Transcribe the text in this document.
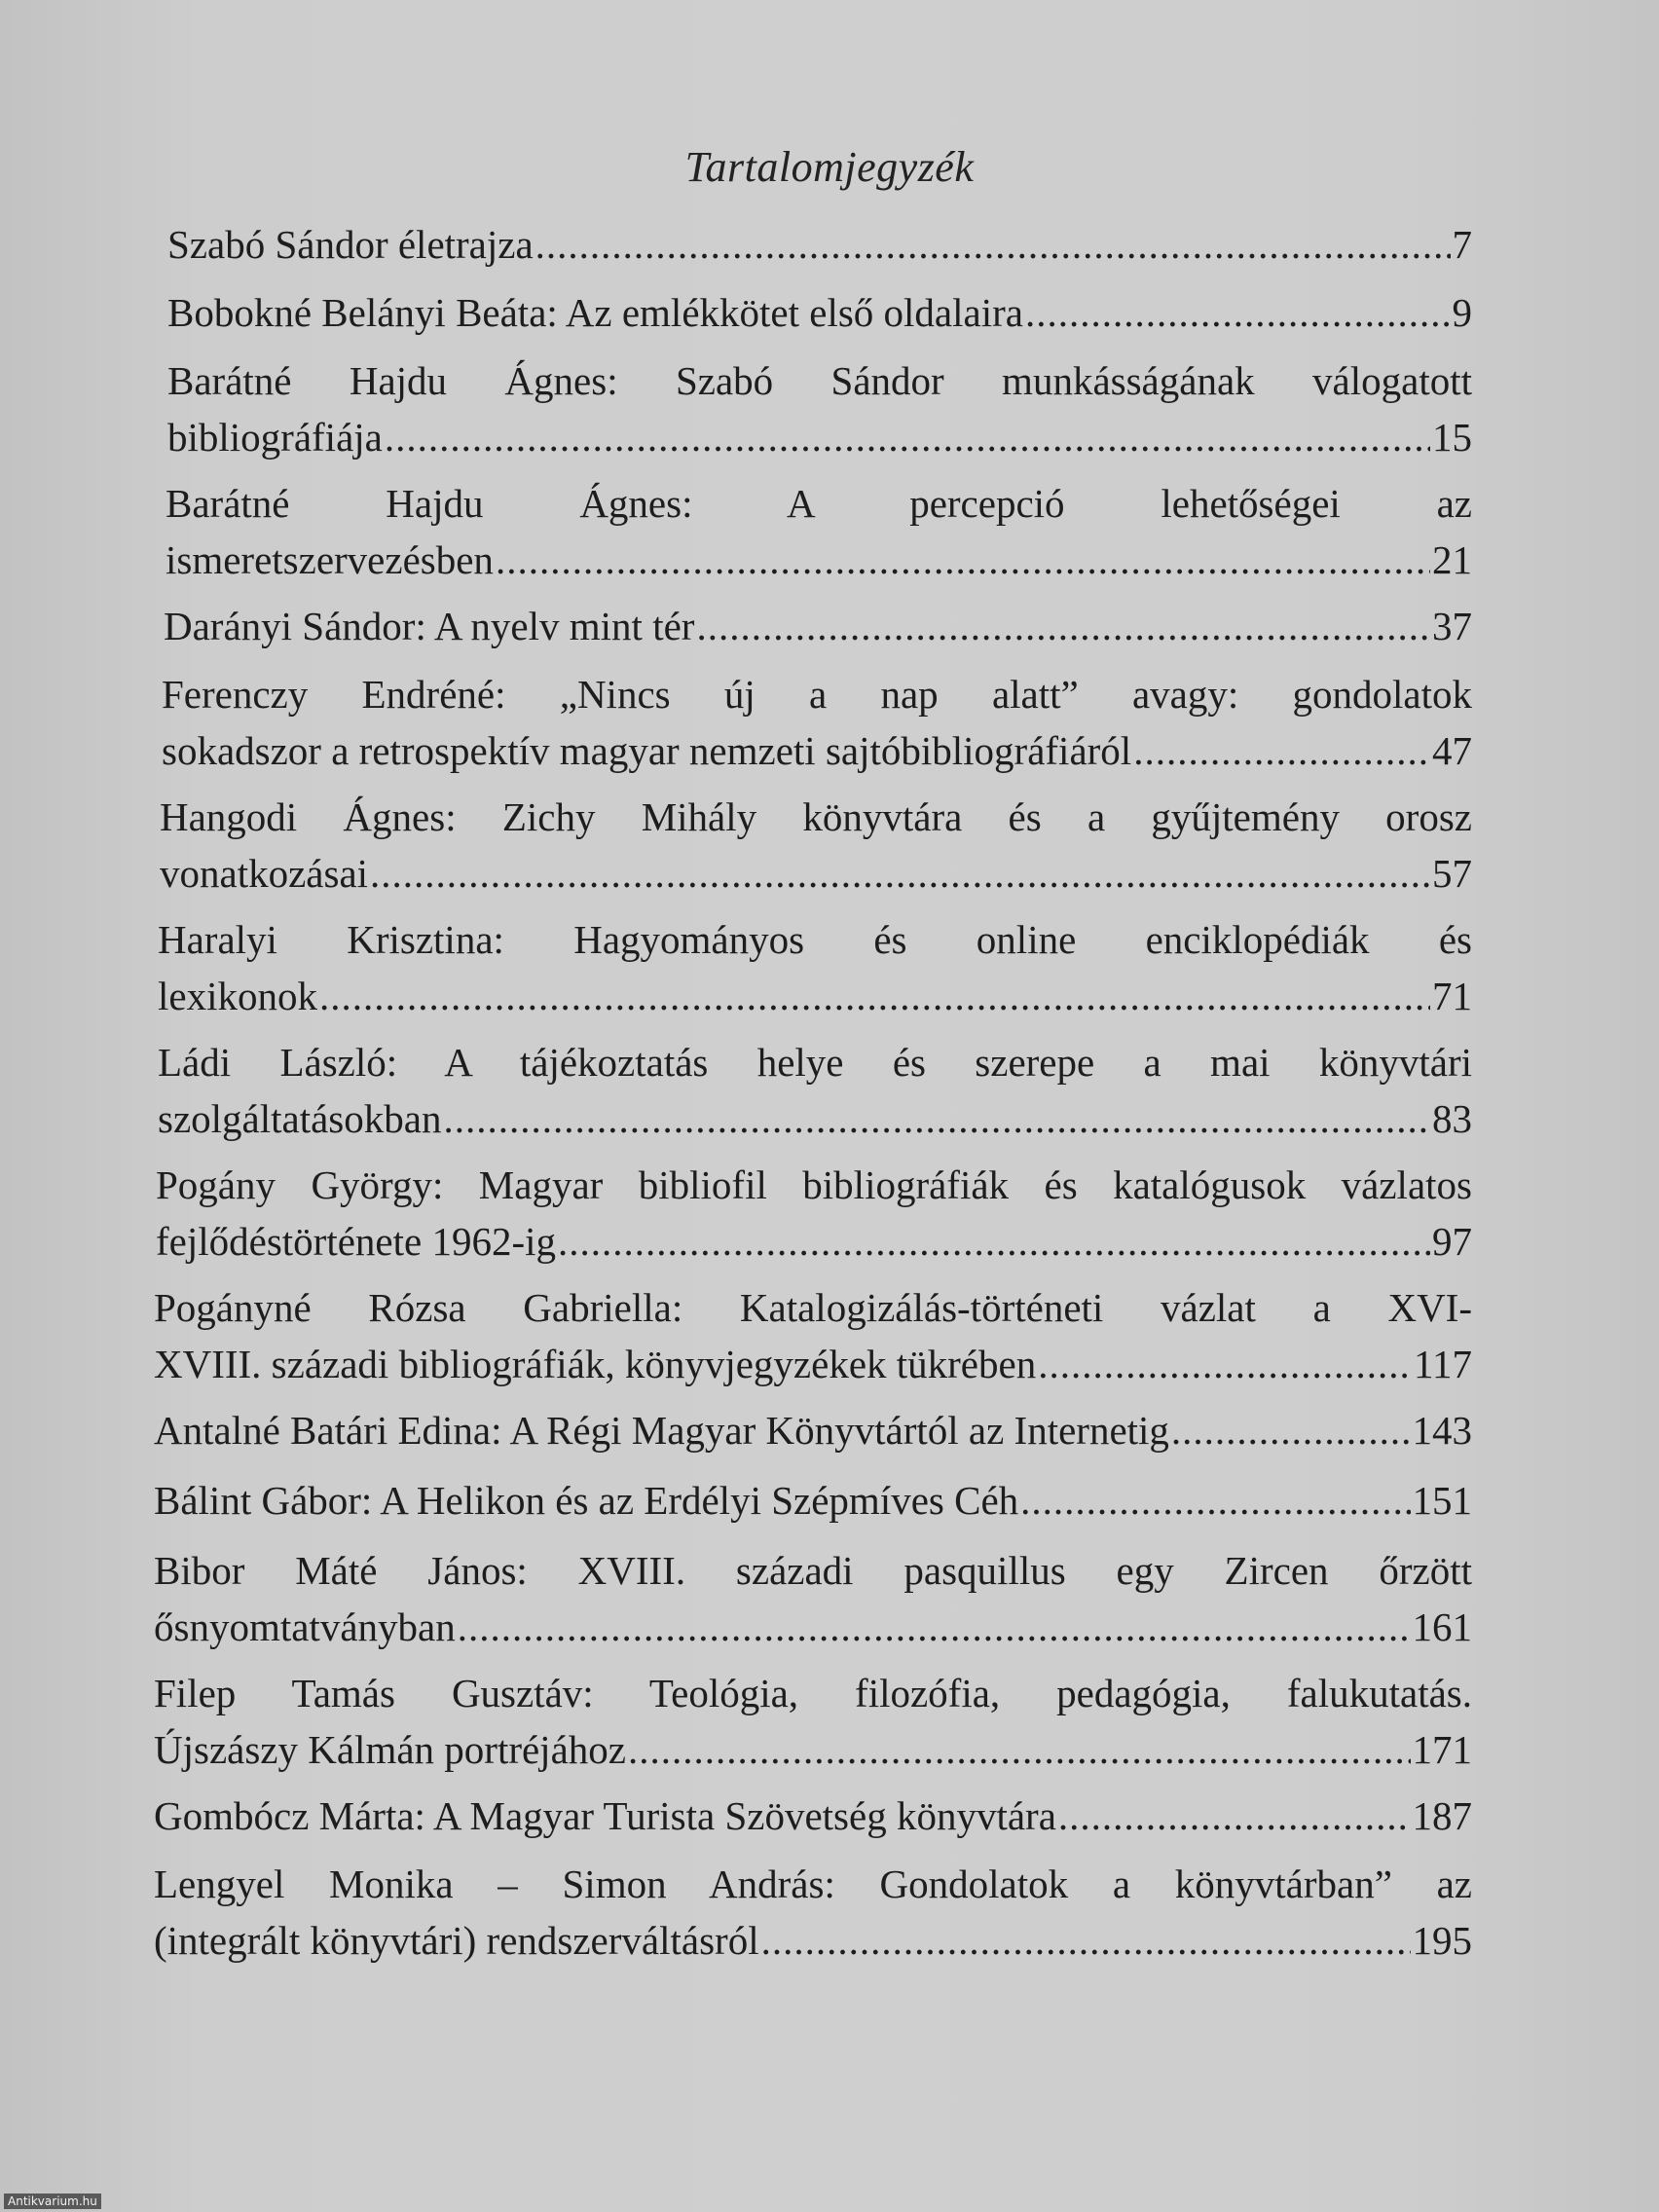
Tartalomjegyzék
Szabó Sándor életrajza .....	7
Bobokné Belányi Beáta: Az emlékkötet első oldalaira .....	9
Barátné Hajdu Ágnes: Szabó Sándor munkásságának válogatott
bibliográfiája .....	15
Barátné Hajdu Ágnes: A percepció lehetőségei az
ismeretszervezésben .....	21
Darányi Sándor: A nyelv mint tér .....	37
Ferenczy Endréné: „Nincs új a nap alatt” avagy: gondolatok
sokadszor a retrospektív magyar nemzeti sajtóbibliográfiáról .....	47
Hangodi Ágnes: Zichy Mihály könyvtára és a gyűjtemény orosz
vonatkozásai .....	57
Haralyi Krisztina: Hagyományos és online enciklopédiák és
lexikonok .....	71
Ládi László: A tájékoztatás helye és szerepe a mai könyvtári
szolgáltatásokban .....	83
Pogány György: Magyar bibliofil bibliográfiák és katalógusok vázlatos
fejlődéstörténete 1962-ig .....	97
Pogányné Rózsa Gabriella: Katalogizálás-történeti vázlat a XVI-
XVIII. századi bibliográfiák, könyvjegyzékek tükrében .....	117
Antalné Batári Edina: A Régi Magyar Könyvtártól az Internetig .....	143
Bálint Gábor: A Helikon és az Erdélyi Szépmíves Céh .....	151
Bibor Máté János: XVIII. századi pasquillus egy Zircen őrzött
ősnyomtatványban .....	161
Filep Tamás Gusztáv: Teológia, filozófia, pedagógia, falukutatás.
Újszászy Kálmán portréjához .....	171
Gombócz Márta: A Magyar Turista Szövetség könyvtára .....	187
Lengyel Monika – Simon András: Gondolatok a könyvtárban” az
(integrált könyvtári) rendszerváltásról .....	195
Antikvarium.hu
